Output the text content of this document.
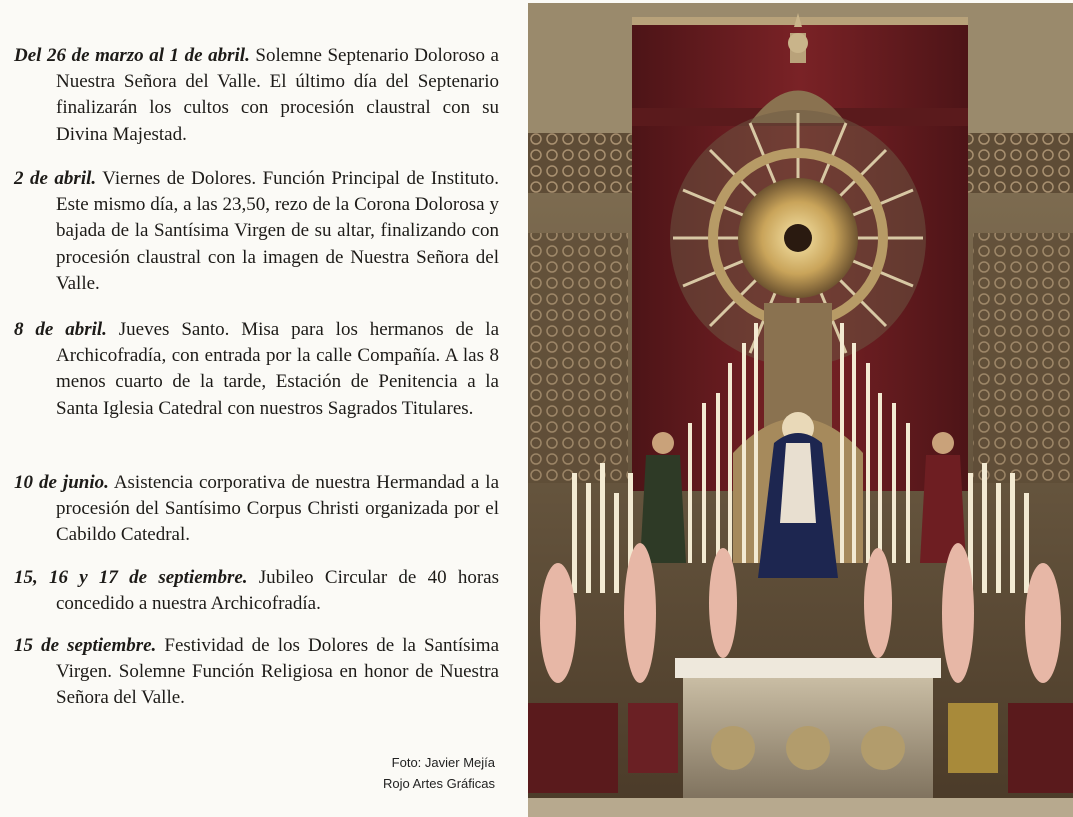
Del 26 de marzo al 1 de abril. Solemne Septenario Doloroso a Nuestra Señora del Valle. El último día del Septenario finalizarán los cultos con procesión claustral con su Divina Majestad.

2 de abril. Viernes de Dolores. Función Principal de Instituto. Este mismo día, a las 23,50, rezo de la Corona Dolorosa y bajada de la Santísima Virgen de su altar, finalizando con procesión claustral con la imagen de Nuestra Señora del Valle.

8 de abril. Jueves Santo. Misa para los hermanos de la Archicofradía, con entrada por la calle Compañía. A las 8 menos cuarto de la tarde, Estación de Penitencia a la Santa Iglesia Catedral con nuestros Sagrados Titulares.

10 de junio. Asistencia corporativa de nuestra Hermandad a la procesión del Santísimo Corpus Christi organizada por el Cabildo Catedral.

15, 16 y 17 de septiembre. Jubileo Circular de 40 horas concedido a nuestra Archicofradía.

15 de septiembre. Festividad de los Dolores de la Santísima Virgen. Solemne Función Religiosa en honor de Nuestra Señora del Valle.

Foto: Javier Mejía
Rojo Artes Gráficas
